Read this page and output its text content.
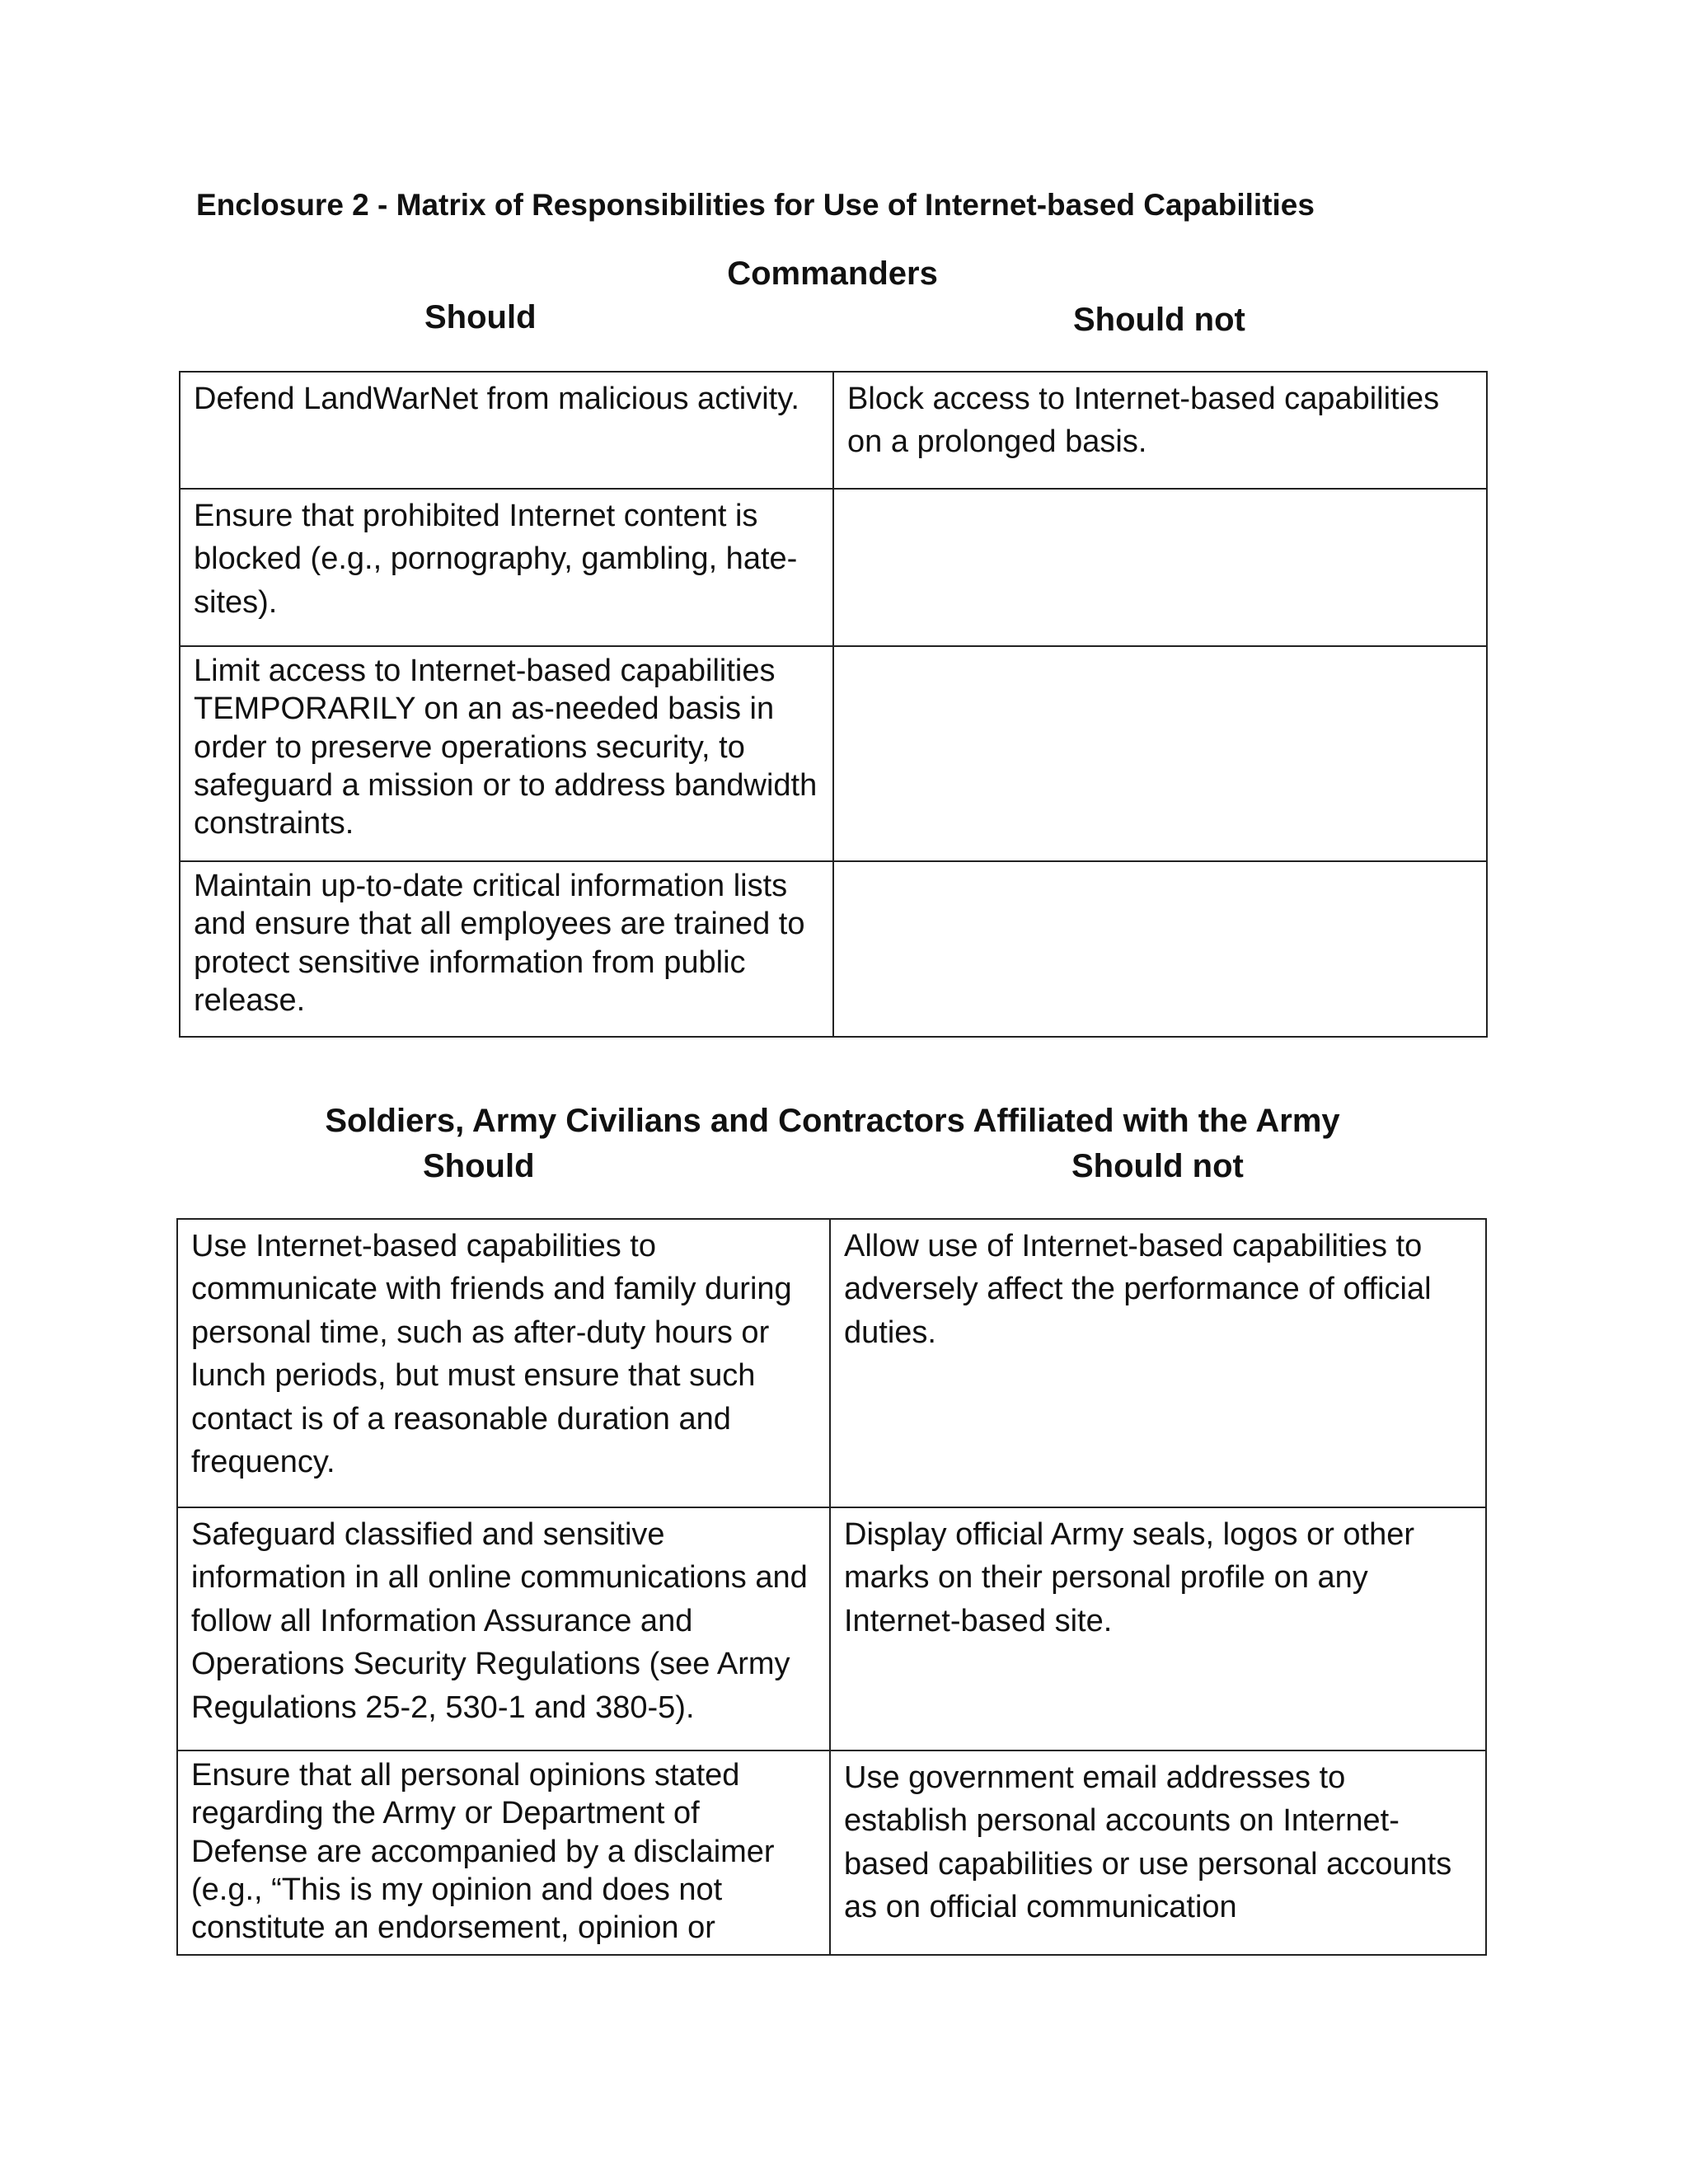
Enclosure 2 - Matrix of Responsibilities for Use of Internet-based Capabilities
Commanders
Should	Should not
Defend LandWarNet from malicious activity.	Block access to Internet-based capabilities on a prolonged basis.
Ensure that prohibited Internet content is blocked (e.g., pornography, gambling, hate-sites).	
Limit access to Internet-based capabilities TEMPORARILY on an as-needed basis in order to preserve operations security, to safeguard a mission or to address bandwidth constraints.	
Maintain up-to-date critical information lists and ensure that all employees are trained to protect sensitive information from public release.	
Soldiers, Army Civilians and Contractors Affiliated with the Army
Should	Should not
Use Internet-based capabilities to communicate with friends and family during personal time, such as after-duty hours or lunch periods, but must ensure that such contact is of a reasonable duration and frequency.	Allow use of Internet-based capabilities to adversely affect the performance of official duties.
Safeguard classified and sensitive information in all online communications and follow all Information Assurance and Operations Security Regulations (see Army Regulations 25-2, 530-1 and 380-5).	Display official Army seals, logos or other marks on their personal profile on any Internet-based site.
Ensure that all personal opinions stated regarding the Army or Department of Defense are accompanied by a disclaimer (e.g., “This is my opinion and does not constitute an endorsement, opinion or	Use government email addresses to establish personal accounts on Internet-based capabilities or use personal accounts as on official communication
